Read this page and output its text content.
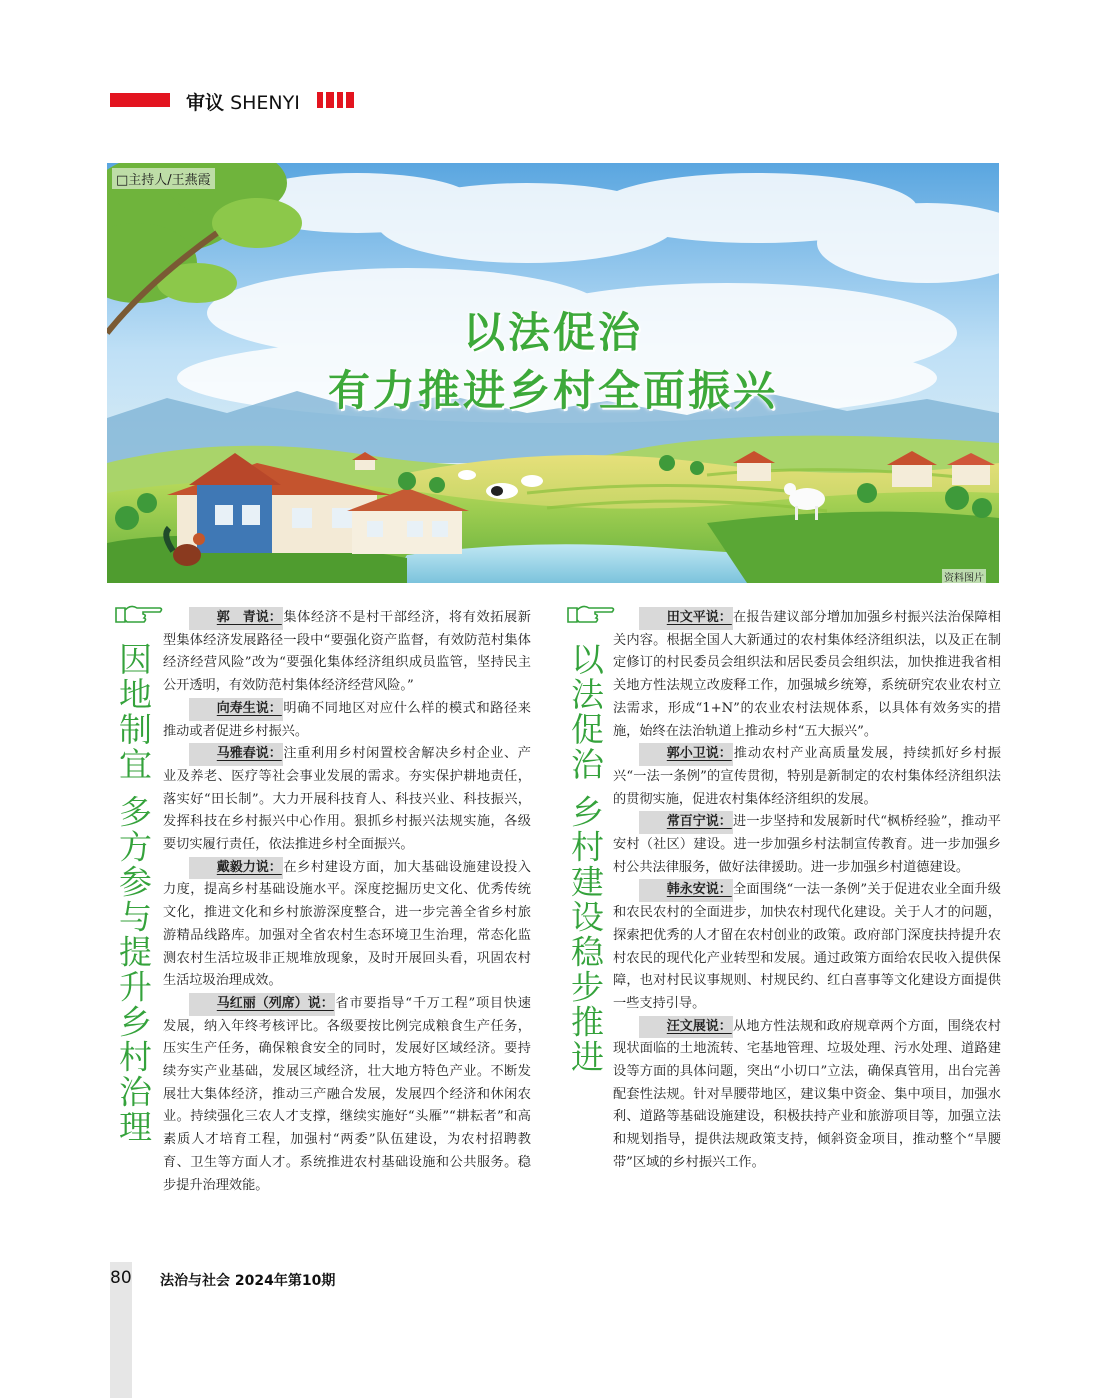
审议 SHENYI
□主持人/王燕霞
以法促治
有力推进乡村全面振兴
资料图片
因地制宜 多方参与提升乡村治理

郭　青说：集体经济不是村干部经济，将有效拓展新型集体经济发展路径一段中“要强化资产监督，有效防范村集体经济经营风险”改为“要强化集体经济组织成员监管，坚持民主公开透明，有效防范村集体经济经营风险。”

向寿生说：明确不同地区对应什么样的模式和路径来推动或者促进乡村振兴。

马雅春说：注重利用乡村闲置校舍解决乡村企业、产业及养老、医疗等社会事业发展的需求。夯实保护耕地责任，落实好“田长制”。大力开展科技育人、科技兴业、科技振兴，发挥科技在乡村振兴中心作用。狠抓乡村振兴法规实施，各级要切实履行责任，依法推进乡村全面振兴。

戴毅力说：在乡村建设方面，加大基础设施建设投入力度，提高乡村基础设施水平。深度挖掘历史文化、优秀传统文化，推进文化和乡村旅游深度整合，进一步完善全省乡村旅游精品线路库。加强对全省农村生态环境卫生治理，常态化监测农村生活垃圾非正规堆放现象，及时开展回头看，巩固农村生活垃圾治理成效。

马红丽（列席）说：省市要指导“千万工程”项目快速发展，纳入年终考核评比。各级要按比例完成粮食生产任务，压实生产任务，确保粮食安全的同时，发展好区域经济。要持续夯实产业基础，发展区域经济，壮大地方特色产业。不断发展壮大集体经济，推动三产融合发展，发展四个经济和休闲农业。持续强化三农人才支撑，继续实施好“头雁”“耕耘者”和高素质人才培育工程，加强村“两委”队伍建设，为农村招聘教育、卫生等方面人才。系统推进农村基础设施和公共服务。稳步提升治理效能。

以法促治 乡村建设稳步推进

田文平说：在报告建议部分增加加强乡村振兴法治保障相关内容。根据全国人大新通过的农村集体经济组织法，以及正在制定修订的村民委员会组织法和居民委员会组织法，加快推进我省相关地方性法规立改废释工作，加强城乡统筹，系统研究农业农村立法需求，形成“1+N”的农业农村法规体系，以具体有效务实的措施，始终在法治轨道上推动乡村“五大振兴”。

郭小卫说：推动农村产业高质量发展，持续抓好乡村振兴“一法一条例”的宣传贯彻，特别是新制定的农村集体经济组织法的贯彻实施，促进农村集体经济组织的发展。

常百宁说：进一步坚持和发展新时代“枫桥经验”，推动平安村（社区）建设。进一步加强乡村法制宣传教育。进一步加强乡村公共法律服务，做好法律援助。进一步加强乡村道德建设。

韩永安说：全面围绕“一法一条例”关于促进农业全面升级和农民农村的全面进步，加快农村现代化建设。关于人才的问题，探索把优秀的人才留在农村创业的政策。政府部门深度扶持提升农村农民的现代化产业转型和发展。通过政策方面给农民收入提供保障，也对村民议事规则、村规民约、红白喜事等文化建设方面提供一些支持引导。

汪文展说：从地方性法规和政府规章两个方面，围绕农村现状面临的土地流转、宅基地管理、垃圾处理、污水处理、道路建设等方面的具体问题，突出“小切口”立法，确保真管用，出台完善配套性法规。针对旱腰带地区，建议集中资金、集中项目，加强水利、道路等基础设施建设，积极扶持产业和旅游项目等，加强立法和规划指导，提供法规政策支持，倾斜资金项目，推动整个“旱腰带”区域的乡村振兴工作。

80 法治与社会 2024年第10期
